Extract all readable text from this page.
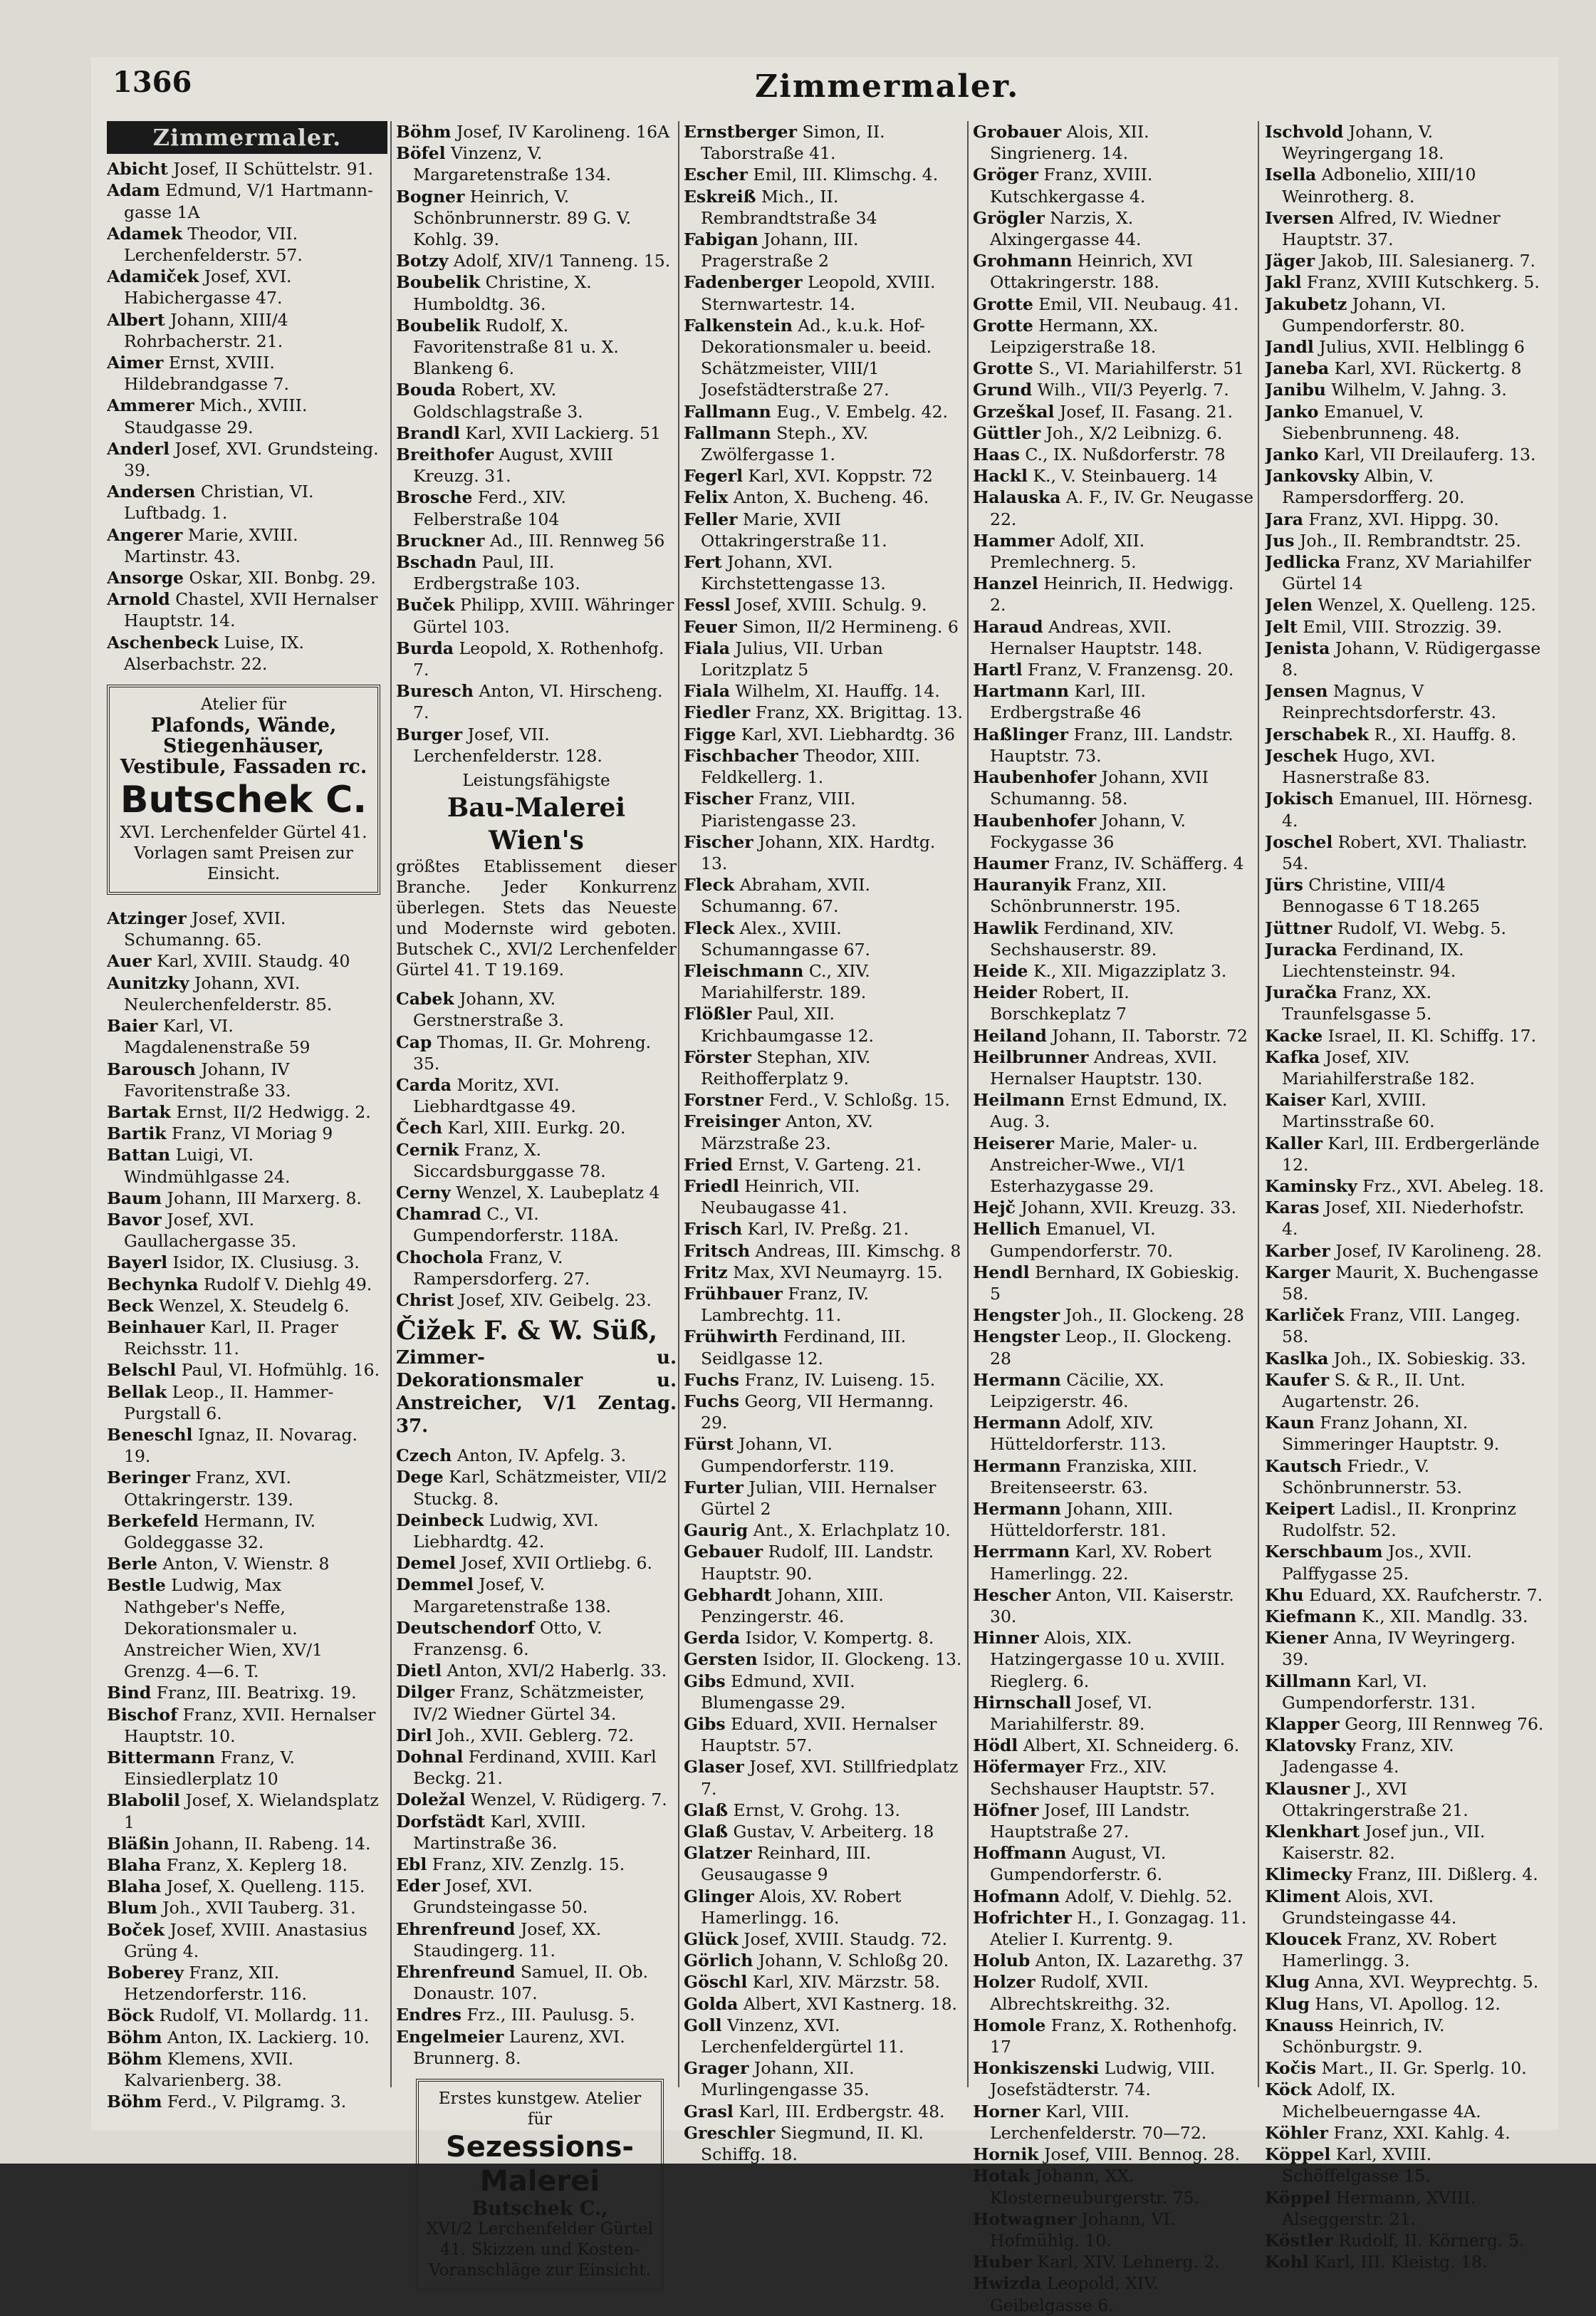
1366	Zimmermaler.
Zimmermaler.
Abicht Josef, II Schüttelstr. 91.
Adam Edmund, V/1 Hartmann-gasse 1A
Adamek Theodor, VII. Lerchenfelderstr. 57.
Adamiček Josef, XVI. Habichergasse 47.
Albert Johann, XIII/4 Rohrbacherstr. 21.
Aimer Ernst, XVIII. Hildebrandgasse 7.
Ammerer Mich., XVIII. Staudgasse 29.
Anderl Josef, XVI. Grundsteing. 39.
Andersen Christian, VI. Luftbadg. 1.
Angerer Marie, XVIII. Martinstr. 43.
Ansorge Oskar, XII. Bonbg. 29.
Arnold Chastel, XVII Hernalser Hauptstr. 14.
Aschenbeck Luise, IX. Alserbachstr. 22.
Atelier für
Plafonds, Wände, Stiegenhäuser, Vestibule, Fassaden rc.
Butschek C.
XVI. Lerchenfelder Gürtel 41.
Vorlagen samt Preisen zur Einsicht.
Atzinger Josef, XVII. Schumanng. 65.
Auer Karl, XVIII. Staudg. 40
Aunitzky Johann, XVI. Neulerchenfelderstr. 85.
Baier Karl, VI. Magdalenenstraße 59
Barousch Johann, IV Favoritenstraße 33.
Bartak Ernst, II/2 Hedwigg. 2.
Bartik Franz, VI Moriag 9
Battan Luigi, VI. Windmühlgasse 24.
Baum Johann, III Marxerg. 8.
Bavor Josef, XVI. Gaullachergasse 35.
Bayerl Isidor, IX. Clusiusg. 3.
Bechynka Rudolf V. Diehlg 49.
Beck Wenzel, X. Steudelg 6.
Beinhauer Karl, II. Prager Reichsstr. 11.
Belschl Paul, VI. Hofmühlg. 16.
Bellak Leop., II. Hammer-Purgstall 6.
Beneschl Ignaz, II. Novarag. 19.
Beringer Franz, XVI. Ottakringerstr. 139.
Berkefeld Hermann, IV. Goldeggasse 32.
Berle Anton, V. Wienstr. 8
Bestle Ludwig, Max Nathgeber's Neffe, Dekorationsmaler u. Anstreicher Wien, XV/1 Grenzg. 4—6. T.
Bind Franz, III. Beatrixg. 19.
Bischof Franz, XVII. Hernalser Hauptstr. 10.
Bittermann Franz, V. Einsiedlerplatz 10
Blabolil Josef, X. Wielandsplatz 1
Bläßin Johann, II. Rabeng. 14.
Blaha Franz, X. Keplerg 18.
Blaha Josef, X. Quelleng. 115.
Blum Joh., XVII Tauberg. 31.
Boček Josef, XVIII. Anastasius Grüng 4.
Boberey Franz, XII. Hetzendorferstr. 116.
Böck Rudolf, VI. Mollardg. 11.
Böhm Anton, IX. Lackierg. 10.
Böhm Klemens, XVII. Kalvarienberg. 38.
Böhm Ferd., V. Pilgramg. 3.
Böhm Josef, IV Karolineng. 16A
Böfel Vinzenz, V. Margaretenstraße 134.
Bogner Heinrich, V. Schönbrunnerstr. 89 G. V. Kohlg. 39.
Botzy Adolf, XIV/1 Tanneng. 15.
Boubelik Christine, X. Humboldtg. 36.
Boubelik Rudolf, X. Favoritenstraße 81 u. X. Blankeng 6.
Bouda Robert, XV. Goldschlagstraße 3.
Brandl Karl, XVII Lackierg. 51
Breithofer August, XVIII Kreuzg. 31.
Brosche Ferd., XIV. Felberstraße 104
Bruckner Ad., III. Rennweg 56
Bschadn Paul, III. Erdbergstraße 103.
Buček Philipp, XVIII. Währinger Gürtel 103.
Burda Leopold, X. Rothenhofg. 7.
Buresch Anton, VI. Hirscheng. 7.
Burger Josef, VII. Lerchenfelderstr. 128.
Leistungsfähigste
Bau-Malerei Wien's

größtes Etablissement dieser Branche. Jeder Konkurrenz überlegen. Stets das Neueste und Modernste wird geboten. Butschek C., XVI/2 Lerchenfelder Gürtel 41. T 19.169.

Cabek Johann, XV. Gerstnerstraße 3.
Cap Thomas, II. Gr. Mohreng. 35.
Carda Moritz, XVI. Liebhardtgasse 49.
Čech Karl, XIII. Eurkg. 20.
Cernik Franz, X. Siccardsburggasse 78.
Cerny Wenzel, X. Laubeplatz 4
Chamrad C., VI. Gumpendorferstr. 118A.
Chochola Franz, V. Rampersdorferg. 27.
Christ Josef, XIV. Geibelg. 23.
Čižek F. & W. Süß,

Zimmer- u. Dekorationsmaler u. Anstreicher, V/1 Zentag. 37.

Czech Anton, IV. Apfelg. 3.
Dege Karl, Schätzmeister, VII/2 Stuckg. 8.
Deinbeck Ludwig, XVI. Liebhardtg. 42.
Demel Josef, XVII Ortliebg. 6.
Demmel Josef, V. Margaretenstraße 138.
Deutschendorf Otto, V. Franzensg. 6.
Dietl Anton, XVI/2 Haberlg. 33.
Dilger Franz, Schätzmeister, IV/2 Wiedner Gürtel 34.
Dirl Joh., XVII. Geblerg. 72.
Dohnal Ferdinand, XVIII. Karl Beckg. 21.
Doležal Wenzel, V. Rüdigerg. 7.
Dorfstädt Karl, XVIII. Martinstraße 36.
Ebl Franz, XIV. Zenzlg. 15.
Eder Josef, XVI. Grundsteingasse 50.
Ehrenfreund Josef, XX. Staudingerg. 11.
Ehrenfreund Samuel, II. Ob. Donaustr. 107.
Endres Frz., III. Paulusg. 5.
Engelmeier Laurenz, XVI. Brunnerg. 8.
Erstes kunstgew. Atelier für
Sezessions-Malerei
Butschek C.,
XVI/2 Lerchenfelder Gürtel 41. Skizzen und Kosten-Voranschläge zur Einsicht.
Ernstberger Simon, II. Taborstraße 41.
Escher Emil, III. Klimschg. 4.
Eskreiß Mich., II. Rembrandtstraße 34
Fabigan Johann, III. Pragerstraße 2
Fadenberger Leopold, XVIII. Sternwartestr. 14.
Falkenstein Ad., k.u.k. Hof-Dekorationsmaler u. beeid. Schätzmeister, VIII/1 Josefstädterstraße 27.
Fallmann Eug., V. Embelg. 42.
Fallmann Steph., XV. Zwölfergasse 1.
Fegerl Karl, XVI. Koppstr. 72
Felix Anton, X. Bucheng. 46.
Feller Marie, XVII Ottakringerstraße 11.
Fert Johann, XVI. Kirchstettengasse 13.
Fessl Josef, XVIII. Schulg. 9.
Feuer Simon, II/2 Hermineng. 6
Fiala Julius, VII. Urban Loritzplatz 5
Fiala Wilhelm, XI. Hauffg. 14.
Fiedler Franz, XX. Brigittag. 13.
Figge Karl, XVI. Liebhardtg. 36
Fischbacher Theodor, XIII. Feldkellerg. 1.
Fischer Franz, VIII. Piaristengasse 23.
Fischer Johann, XIX. Hardtg. 13.
Fleck Abraham, XVII. Schumanng. 67.
Fleck Alex., XVIII. Schumanngasse 67.
Fleischmann C., XIV. Mariahilferstr. 189.
Flößler Paul, XII. Krichbaumgasse 12.
Förster Stephan, XIV. Reithofferplatz 9.
Forstner Ferd., V. Schloßg. 15.
Freisinger Anton, XV. Märzstraße 23.
Fried Ernst, V. Garteng. 21.
Friedl Heinrich, VII. Neubaugasse 41.
Frisch Karl, IV. Preßg. 21.
Fritsch Andreas, III. Kimschg. 8
Fritz Max, XVI Neumayrg. 15.
Frühbauer Franz, IV. Lambrechtg. 11.
Frühwirth Ferdinand, III. Seidlgasse 12.
Fuchs Franz, IV. Luiseng. 15.
Fuchs Georg, VII Hermanng. 29.
Fürst Johann, VI. Gumpendorferstr. 119.
Furter Julian, VIII. Hernalser Gürtel 2
Gaurig Ant., X. Erlachplatz 10.
Gebauer Rudolf, III. Landstr. Hauptstr. 90.
Gebhardt Johann, XIII. Penzingerstr. 46.
Gerda Isidor, V. Kompertg. 8.
Gersten Isidor, II. Glockeng. 13.
Gibs Edmund, XVII. Blumengasse 29.
Gibs Eduard, XVII. Hernalser Hauptstr. 57.
Glaser Josef, XVI. Stillfriedplatz 7.
Glaß Ernst, V. Grohg. 13.
Glaß Gustav, V. Arbeiterg. 18
Glatzer Reinhard, III. Geusaugasse 9
Glinger Alois, XV. Robert Hamerlingg. 16.
Glück Josef, XVIII. Staudg. 72.
Görlich Johann, V. Schloßg 20.
Göschl Karl, XIV. Märzstr. 58.
Golda Albert, XVI Kastnerg. 18.
Goll Vinzenz, XVI. Lerchenfeldergürtel 11.
Grager Johann, XII. Murlingengasse 35.
Grasl Karl, III. Erdbergstr. 48.
Greschler Siegmund, II. Kl. Schiffg. 18.
Grobauer Alois, XII. Singrienerg. 14.
Gröger Franz, XVIII. Kutschkergasse 4.
Grögler Narzis, X. Alxingergasse 44.
Grohmann Heinrich, XVI Ottakringerstr. 188.
Grotte Emil, VII. Neubaug. 41.
Grotte Hermann, XX. Leipzigerstraße 18.
Grotte S., VI. Mariahilferstr. 51
Grund Wilh., VII/3 Peyerlg. 7.
Grzeškal Josef, II. Fasang. 21.
Güttler Joh., X/2 Leibnizg. 6.
Haas C., IX. Nußdorferstr. 78
Hackl K., V. Steinbauerg. 14
Halauska A. F., IV. Gr. Neugasse 22.
Hammer Adolf, XII. Premlechnerg. 5.
Hanzel Heinrich, II. Hedwigg. 2.
Haraud Andreas, XVII. Hernalser Hauptstr. 148.
Hartl Franz, V. Franzensg. 20.
Hartmann Karl, III. Erdbergstraße 46
Haßlinger Franz, III. Landstr. Hauptstr. 73.
Haubenhofer Johann, XVII Schumanng. 58.
Haubenhofer Johann, V. Fockygasse 36
Haumer Franz, IV. Schäfferg. 4
Hauranyik Franz, XII. Schönbrunnerstr. 195.
Hawlik Ferdinand, XIV. Sechshauserstr. 89.
Heide K., XII. Migazziplatz 3.
Heider Robert, II. Borschkeplatz 7
Heiland Johann, II. Taborstr. 72
Heilbrunner Andreas, XVII. Hernalser Hauptstr. 130.
Heilmann Ernst Edmund, IX. Aug. 3.
Heiserer Marie, Maler- u. Anstreicher-Wwe., VI/1 Esterhazygasse 29.
Hejč Johann, XVII. Kreuzg. 33.
Hellich Emanuel, VI. Gumpendorferstr. 70.
Hendl Bernhard, IX Gobieskig. 5
Hengster Joh., II. Glockeng. 28
Hengster Leop., II. Glockeng. 28
Hermann Cäcilie, XX. Leipzigerstr. 46.
Hermann Adolf, XIV. Hütteldorferstr. 113.
Hermann Franziska, XIII. Breitenseerstr. 63.
Hermann Johann, XIII. Hütteldorferstr. 181.
Herrmann Karl, XV. Robert Hamerlingg. 22.
Hescher Anton, VII. Kaiserstr. 30.
Hinner Alois, XIX. Hatzingergasse 10 u. XVIII. Rieglerg. 6.
Hirnschall Josef, VI. Mariahilferstr. 89.
Hödl Albert, XI. Schneiderg. 6.
Höfermayer Frz., XIV. Sechshauser Hauptstr. 57.
Höfner Josef, III Landstr. Hauptstraße 27.
Hoffmann August, VI. Gumpendorferstr. 6.
Hofmann Adolf, V. Diehlg. 52.
Hofrichter H., I. Gonzagag. 11. Atelier I. Kurrentg. 9.
Holub Anton, IX. Lazarethg. 37
Holzer Rudolf, XVII. Albrechtskreithg. 32.
Homole Franz, X. Rothenhofg. 17
Honkiszenski Ludwig, VIII. Josefstädterstr. 74.
Horner Karl, VIII. Lerchenfelderstr. 70—72.
Hornik Josef, VIII. Bennog. 28.
Hotak Johann, XX. Klosterneuburgerstr. 75.
Hotwagner Johann, VI. Hofmühlg. 10.
Huber Karl, XIV. Lehnerg. 2.
Hwizda Leopold, XIV. Geibelgasse 6.
Ischvold Johann, V. Weyringergang 18.
Isella Adbonelio, XIII/10 Weinrotherg. 8.
Iversen Alfred, IV. Wiedner Hauptstr. 37.
Jäger Jakob, III. Salesianerg. 7.
Jakl Franz, XVIII Kutschkerg. 5.
Jakubetz Johann, VI. Gumpendorferstr. 80.
Jandl Julius, XVII. Helblingg 6
Janeba Karl, XVI. Rückertg. 8
Janibu Wilhelm, V. Jahng. 3.
Janko Emanuel, V. Siebenbrunneng. 48.
Janko Karl, VII Dreilauferg. 13.
Jankovsky Albin, V. Rampersdorfferg. 20.
Jara Franz, XVI. Hippg. 30.
Jus Joh., II. Rembrandtstr. 25.
Jedlicka Franz, XV Mariahilfer Gürtel 14
Jelen Wenzel, X. Quelleng. 125.
Jelt Emil, VIII. Strozzig. 39.
Jenista Johann, V. Rüdigergasse 8.
Jensen Magnus, V Reinprechtsdorferstr. 43.
Jerschabek R., XI. Hauffg. 8.
Jeschek Hugo, XVI. Hasnerstraße 83.
Jokisch Emanuel, III. Hörnesg. 4.
Joschel Robert, XVI. Thaliastr. 54.
Jürs Christine, VIII/4 Bennogasse 6 T 18.265
Jüttner Rudolf, VI. Webg. 5.
Juracka Ferdinand, IX. Liechtensteinstr. 94.
Juračka Franz, XX. Traunfelsgasse 5.
Kacke Israel, II. Kl. Schiffg. 17.
Kafka Josef, XIV. Mariahilferstraße 182.
Kaiser Karl, XVIII. Martinsstraße 60.
Kaller Karl, III. Erdbergerlände 12.
Kaminsky Frz., XVI. Abeleg. 18.
Karas Josef, XII. Niederhofstr. 4.
Karber Josef, IV Karolineng. 28.
Karger Maurit, X. Buchengasse 58.
Karliček Franz, VIII. Langeg. 58.
Kaslka Joh., IX. Sobieskig. 33.
Kaufer S. & R., II. Unt. Augartenstr. 26.
Kaun Franz Johann, XI. Simmeringer Hauptstr. 9.
Kautsch Friedr., V. Schönbrunnerstr. 53.
Keipert Ladisl., II. Kronprinz Rudolfstr. 52.
Kerschbaum Jos., XVII. Palffygasse 25.
Khu Eduard, XX. Raufcherstr. 7.
Kiefmann K., XII. Mandlg. 33.
Kiener Anna, IV Weyringerg. 39.
Killmann Karl, VI. Gumpendorferstr. 131.
Klapper Georg, III Rennweg 76.
Klatovsky Franz, XIV. Jadengasse 4.
Klausner J., XVI Ottakringerstraße 21.
Klenkhart Josef jun., VII. Kaiserstr. 82.
Klimecky Franz, III. Dißlerg. 4.
Kliment Alois, XVI. Grundsteingasse 44.
Kloucek Franz, XV. Robert Hamerlingg. 3.
Klug Anna, XVI. Weyprechtg. 5.
Klug Hans, VI. Apollog. 12.
Knauss Heinrich, IV. Schönburgstr. 9.
Kočis Mart., II. Gr. Sperlg. 10.
Köck Adolf, IX. Michelbeuerngasse 4A.
Köhler Franz, XXI. Kahlg. 4.
Köppel Karl, XVIII. Schöffelgasse 15.
Köppel Hermann, XVIII. Alseggerstr. 21.
Köstler Rudolf, II. Körnerg. 5.
Kohl Karl, III. Kleistg. 18.
